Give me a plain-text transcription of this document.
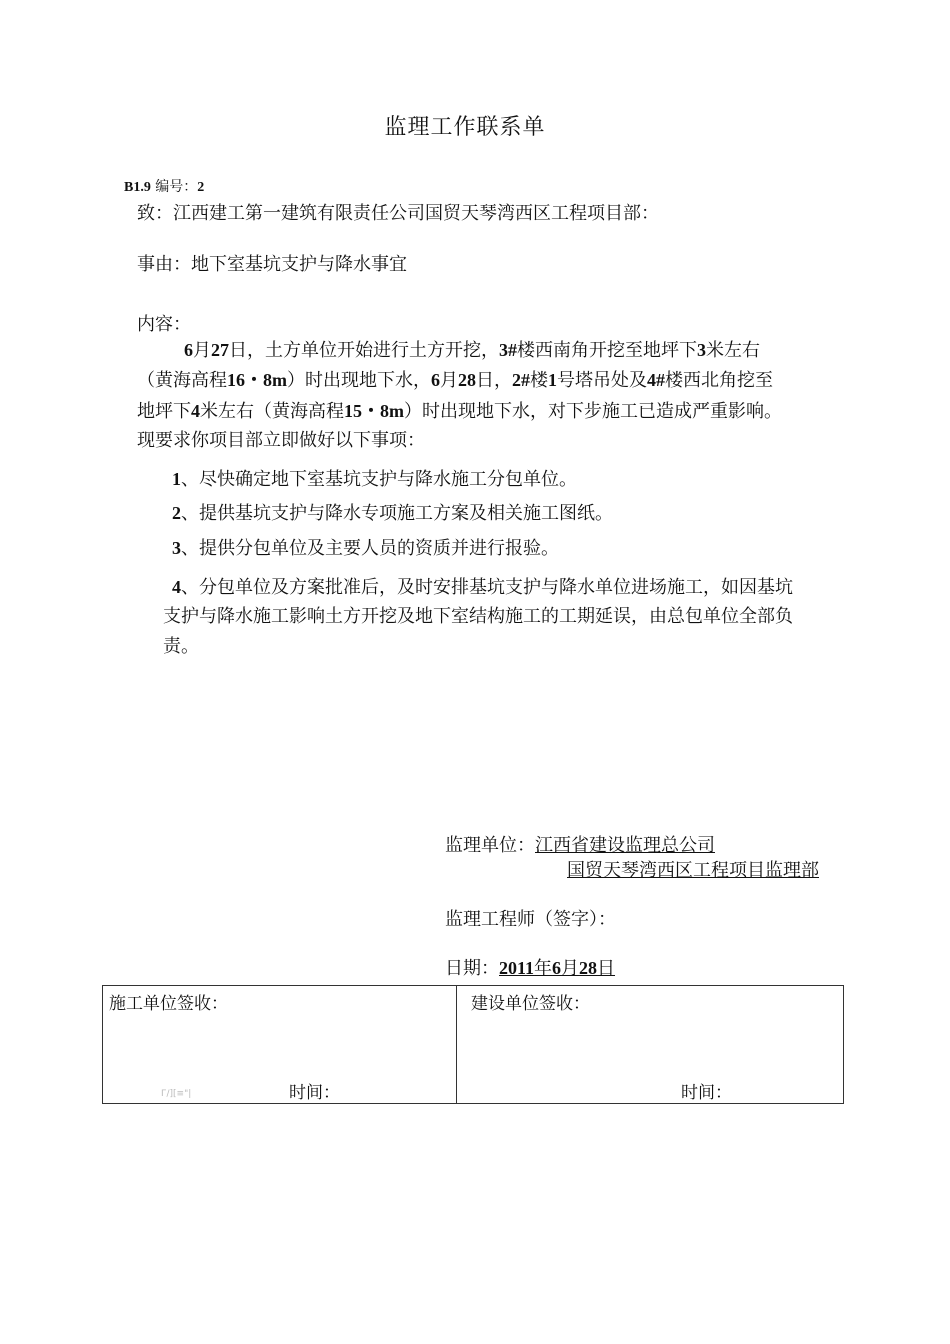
监理工作联系单
B1.9 编号：2
致：江西建工第一建筑有限责任公司国贸天琴湾西区工程项目部：
事由：地下室基坑支护与降水事宜
内容：
6月27日，土方单位开始进行土方开挖，3#楼西南角开挖至地坪下3米左右
（黄海高程16・8m）时出现地下水，6月28日，2#楼1号塔吊处及4#楼西北角挖至
地坪下4米左右（黄海高程15・8m）时出现地下水，对下步施工已造成严重影响。
现要求你项目部立即做好以下事项：
1、尽快确定地下室基坑支护与降水施工分包单位。
2、提供基坑支护与降水专项施工方案及相关施工图纸。
3、提供分包单位及主要人员的资质并进行报验。
4、分包单位及方案批准后，及时安排基坑支护与降水单位进场施工，如因基坑
支护与降水施工影响土方开挖及地下室结构施工的工期延误，由总包单位全部负
责。
监理单位：江西省建设监理总公司
国贸天琴湾西区工程项目监理部
监理工程师（签字）：
日期：2011年6月28日
施工单位签收：
Г/][≡"|	时间：

建设单位签收：
时间：
